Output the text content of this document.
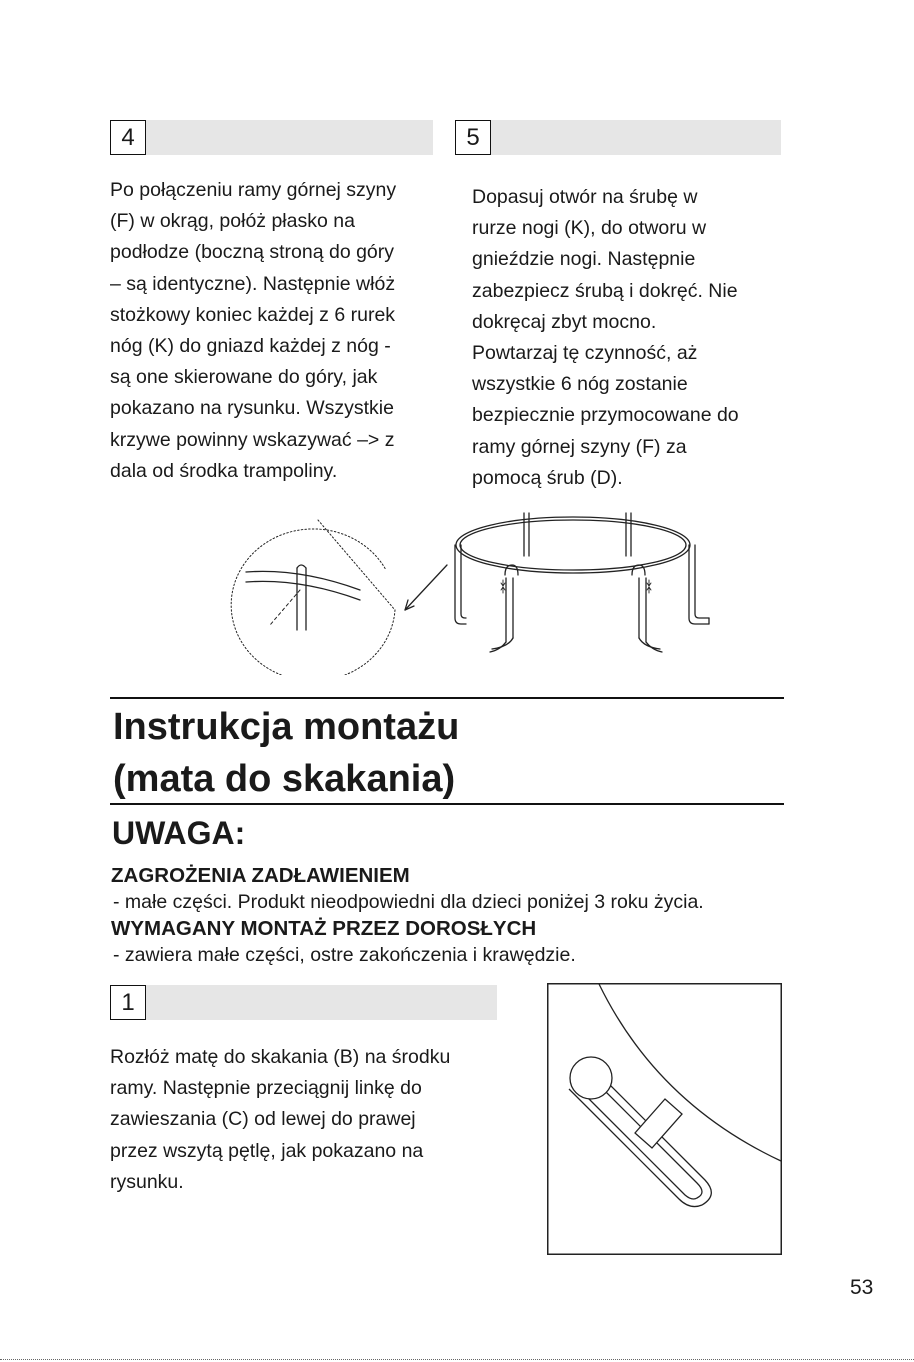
4	5
Po połączeniu ramy górnej szyny
(F) w okrąg, połóż płasko na
podłodze (boczną stroną do góry
– są identyczne). Następnie włóż
stożkowy koniec każdej z 6 rurek
nóg (K) do gniazd każdej z nóg -
są one skierowane do góry, jak
pokazano na rysunku. Wszystkie
krzywe powinny wskazywać –> z
dala od środka trampoliny.
Dopasuj otwór na śrubę w
rurze nogi (K), do otworu w
gnieździe nogi. Następnie
zabezpiecz śrubą i dokręć. Nie
dokręcaj zbyt mocno.
Powtarzaj tę czynność, aż
wszystkie 6 nóg zostanie
bezpiecznie przymocowane do
ramy górnej szyny (F) za
pomocą śrub (D).
Instrukcja montażu
(mata do skakania)
UWAGA:
ZAGROŻENIA ZADŁAWIENIEM
- małe części. Produkt nieodpowiedni dla dzieci poniżej 3 roku życia.
WYMAGANY MONTAŻ PRZEZ DOROSŁYCH
- zawiera małe części, ostre zakończenia i krawędzie.
1
Rozłóż matę do skakania (B) na środku
ramy. Następnie przeciągnij linkę do
zawieszania (C) od lewej do prawej
przez wszytą pętlę, jak pokazano na
rysunku.
53
